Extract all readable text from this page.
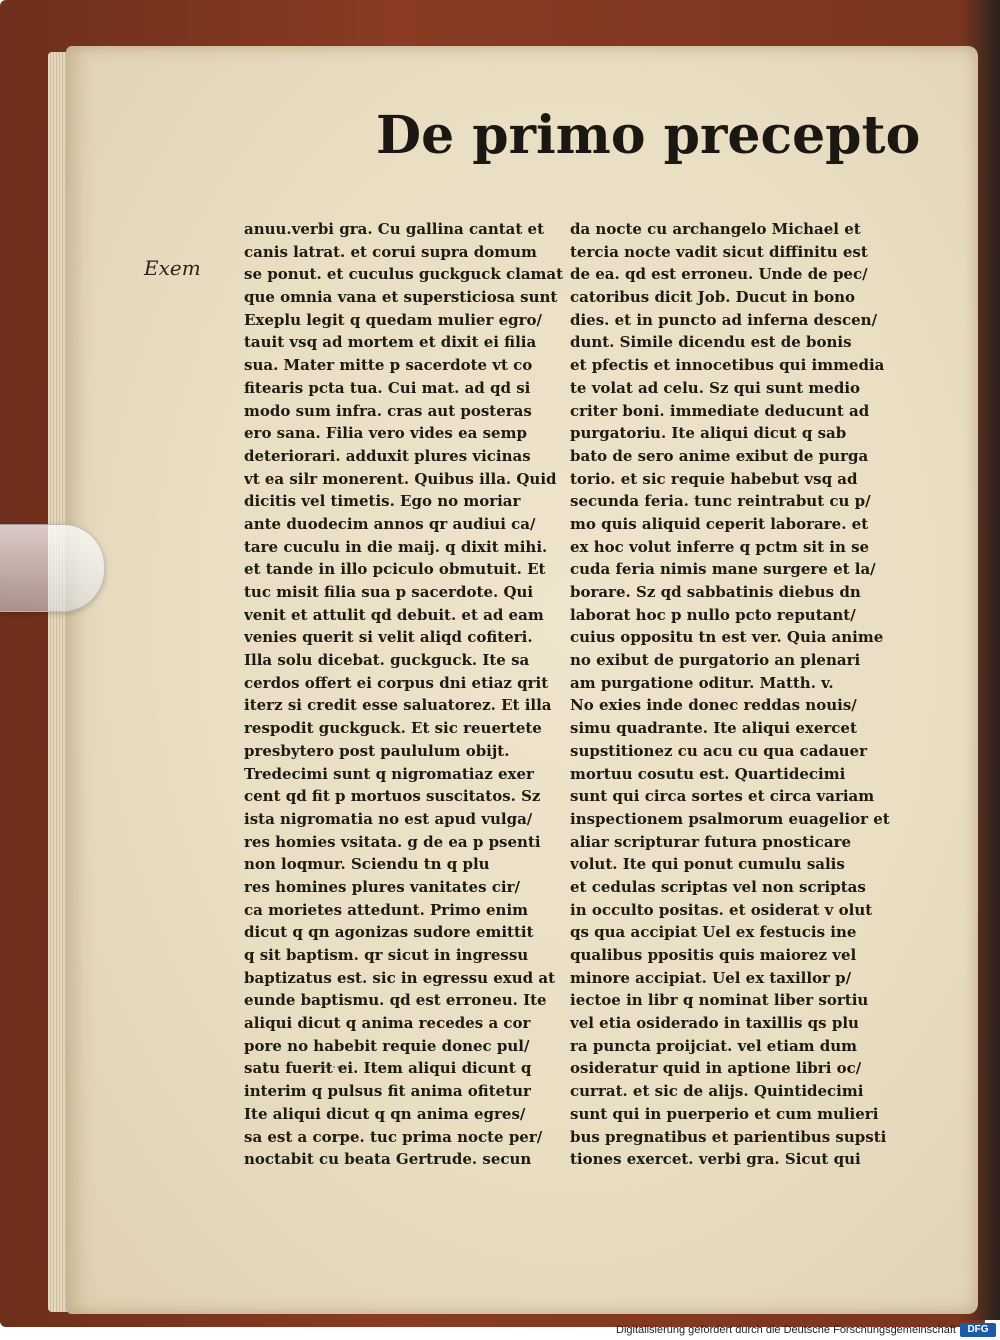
De primo precepto
Exem
anuu.verbi gra. Cu gallina cantat et
canis latrat. et corui supra domum
se ponut. et cuculus guckguck clamat
que omnia vana et supersticiosa sunt
Exeplu legit q quedam mulier egro/
tauit vsq ad mortem et dixit ei filia
sua. Mater mitte p sacerdote vt co
fitearis pcta tua. Cui mat. ad qd si
modo sum infra. cras aut posteras
ero sana. Filia vero vides ea semp
deteriorari. adduxit plures vicinas
vt ea silr monerent. Quibus illa. Quid
dicitis vel timetis. Ego no moriar
ante duodecim annos qr audiui ca/
tare cuculu in die maij. q dixit mihi.
et tande in illo pciculo obmutuit. Et
tuc misit filia sua p sacerdote. Qui
venit et attulit qd debuit. et ad eam
venies querit si velit aliqd cofiteri.
Illa solu dicebat. guckguck. Ite sa
cerdos offert ei corpus dni etiaz qrit
iterz si credit esse saluatorez. Et illa
respodit guckguck. Et sic reuertete
presbytero post paululum obijt.
Tredecimi sunt q nigromatiaz exer
cent qd fit p mortuos suscitatos. Sz
ista nigromatia no est apud vulga/
res homies vsitata. g de ea p psenti
non loqmur. Sciendu tn q plu
res homines plures vanitates cir/
ca morietes attedunt. Primo enim
dicut q qn agonizas sudore emittit
q sit baptism. qr sicut in ingressu
baptizatus est. sic in egressu exud at
eunde baptismu. qd est erroneu. Ite
aliqui dicut q anima recedes a cor
pore no habebit requie donec pul/
satu fuerit ei. Item aliqui dicunt q
interim q pulsus fit anima ofitetur
Ite aliqui dicut q qn anima egres/
sa est a corpe. tuc prima nocte per/
noctabit cu beata Gertrude. secun
da nocte cu archangelo Michael et
tercia nocte vadit sicut diffinitu est
de ea. qd est erroneu. Unde de pec/
catoribus dicit Job. Ducut in bono
dies. et in puncto ad inferna descen/
dunt. Simile dicendu est de bonis
et pfectis et innocetibus qui immedia
te volat ad celu. Sz qui sunt medio
criter boni. immediate deducunt ad
purgatoriu. Ite aliqui dicut q sab
bato de sero anime exibut de purga
torio. et sic requie habebut vsq ad
secunda feria. tunc reintrabut cu p/
mo quis aliquid ceperit laborare. et
ex hoc volut inferre q pctm sit in se
cuda feria nimis mane surgere et la/
borare. Sz qd sabbatinis diebus dn
laborat hoc p nullo pcto reputant/
cuius oppositu tn est ver. Quia anime
no exibut de purgatorio an plenari
am purgatione oditur. Matth. v.
No exies inde donec reddas nouis/
simu quadrante. Ite aliqui exercet
supstitionez cu acu cu qua cadauer
mortuu cosutu est. Quartidecimi
sunt qui circa sortes et circa variam
inspectionem psalmorum euagelior et
aliar scripturar futura pnosticare
volut. Ite qui ponut cumulu salis
et cedulas scriptas vel non scriptas
in occulto positas. et osiderat v olut
qs qua accipiat Uel ex festucis ine
qualibus ppositis quis maiorez vel
minore accipiat. Uel ex taxillor p/
iectoe in libr q nominat liber sortiu
vel etia osiderado in taxillis qs plu
ra puncta proijciat. vel etiam dum
osideratur quid in aptione libri oc/
currat. et sic de alijs. Quintidecimi
sunt qui in puerperio et cum mulieri
bus pregnatibus et parientibus supsti
tiones exercet. verbi gra. Sicut qui
Digitalisierung gefördert durch die Deutsche Forschungsgemeinschaft	DFG
